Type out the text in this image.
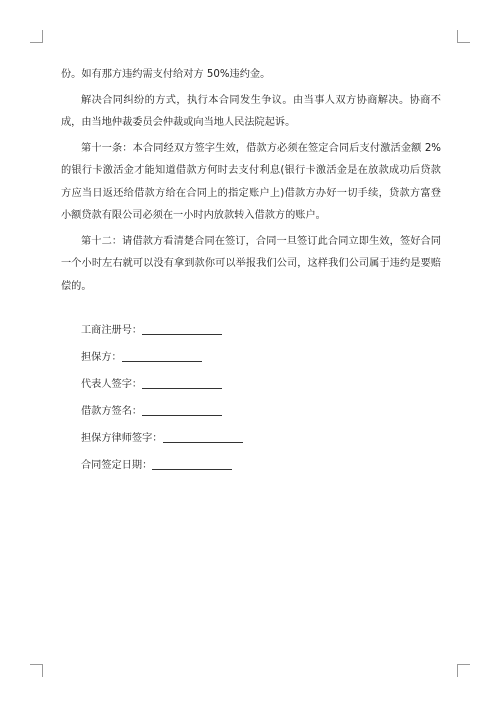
份。如有那方违约需支付给对方 50%违约金。

解决合同纠纷的方式，执行本合同发生争议。由当事人双方协商解决。协商不成，由当地仲裁委员会仲裁或向当地人民法院起诉。

第十一条：本合同经双方签字生效，借款方必须在签定合同后支付激活金额 2%的银行卡激活金才能知道借款方何时去支付利息(银行卡激活金是在放款成功后贷款方应当日返还给借款方给在合同上的指定账户上)借款方办好一切手续，贷款方富登小额贷款有限公司必须在一小时内放款转入借款方的账户。

第十二：请借款方看清楚合同在签订，合同一旦签订此合同立即生效，签好合同一个小时左右就可以没有拿到款你可以举报我们公司，这样我们公司属于违约是要赔偿的。

工商注册号：
担保方：
代表人签字：
借款方签名：
担保方律师签字：
合同签定日期：
